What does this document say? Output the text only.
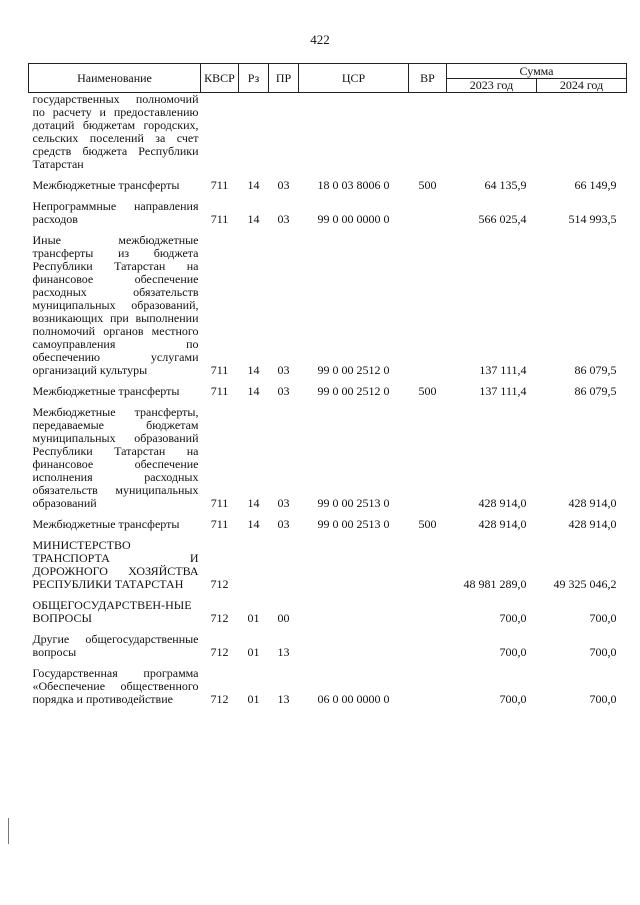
422
Наименование	КВСР	Рз	ПР	ЦСР	ВР	Сумма	
						2023 год	2024 год
государственных полномочий по расчету и предоставлению дотаций бюджетам городских, сельских поселений за счет средств бюджета Республики Татарстан							

Межбюджетные трансферты	711	14	03	18 0 03 8006 0	500	64 135,9	66 149,9

Непрограммные направления расходов	711	14	03	99 0 00 0000 0		566 025,4	514 993,5

Иные межбюджетные трансферты из бюджета Республики Татарстан на финансовое обеспечение расходных обязательств муниципальных образований, возникающих при выполнении полномочий органов местного самоуправления по обеспечению услугами организаций культуры	711	14	03	99 0 00 2512 0		137 111,4	86 079,5

Межбюджетные трансферты	711	14	03	99 0 00 2512 0	500	137 111,4	86 079,5

Межбюджетные трансферты, передаваемые бюджетам муниципальных образований Республики Татарстан на финансовое обеспечение исполнения расходных обязательств муниципальных образований	711	14	03	99 0 00 2513 0		428 914,0	428 914,0

Межбюджетные трансферты	711	14	03	99 0 00 2513 0	500	428 914,0	428 914,0

МИНИСТЕРСТВО ТРАНСПОРТА И ДОРОЖНОГО ХОЗЯЙСТВА РЕСПУБЛИКИ ТАТАРСТАН	712					48 981 289,0	49 325 046,2

ОБЩЕГОСУДАРСТВЕН-НЫЕ ВОПРОСЫ	712	01	00			700,0	700,0

Другие общегосударственные вопросы	712	01	13			700,0	700,0

Государственная программа «Обеспечение общественного порядка и противодействие	712	01	13	06 0 00 0000 0		700,0	700,0
